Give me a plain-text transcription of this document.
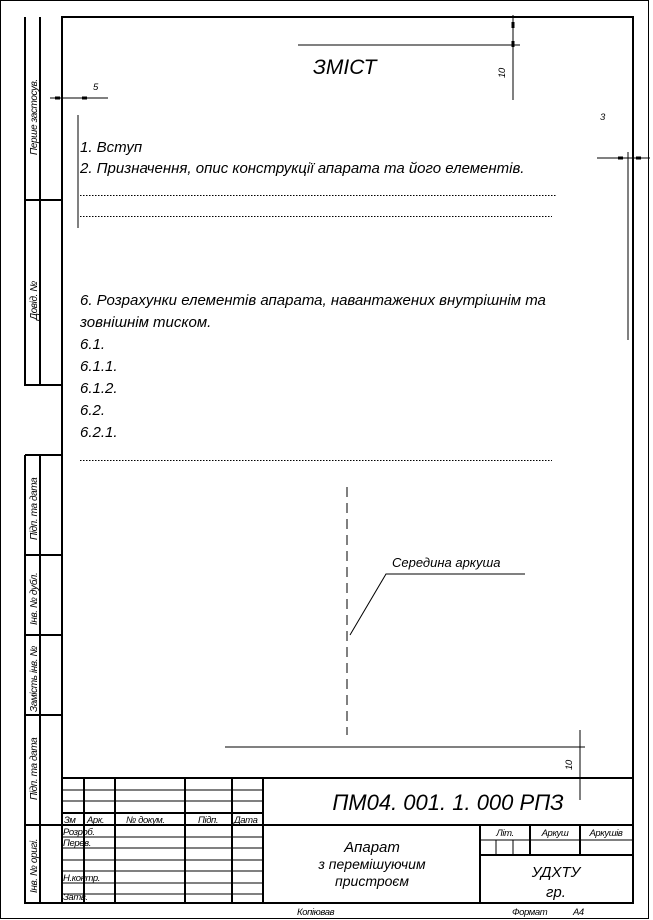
Перше застосув.
Довід. №
Підп. та дата
Інв. № дубл.
Замість інв. №
Підп. та дата
Інв. № оригі.
ЗМІСТ	10
5
3
1. Вступ
2. Призначення, опис конструкції апарата та його елементів.
6. Розрахунки елементів апарата, навантажених внутрішнім та
зовнішнім тиском.
6.1.
6.1.1.
6.1.2.
6.2.
6.2.1.
Середина аркуша
10
Зм Арк. № докум.	Підп. Дата
Розроб.
Перев.
Н.контр.
Затв.
ПМ04. 001. 1. 000 РПЗ
Апарат
з перемішуючим
пристроєм
Літ.	Аркуш Аркушів
УДХТУ
гр.
Копіював	Формат	А4
